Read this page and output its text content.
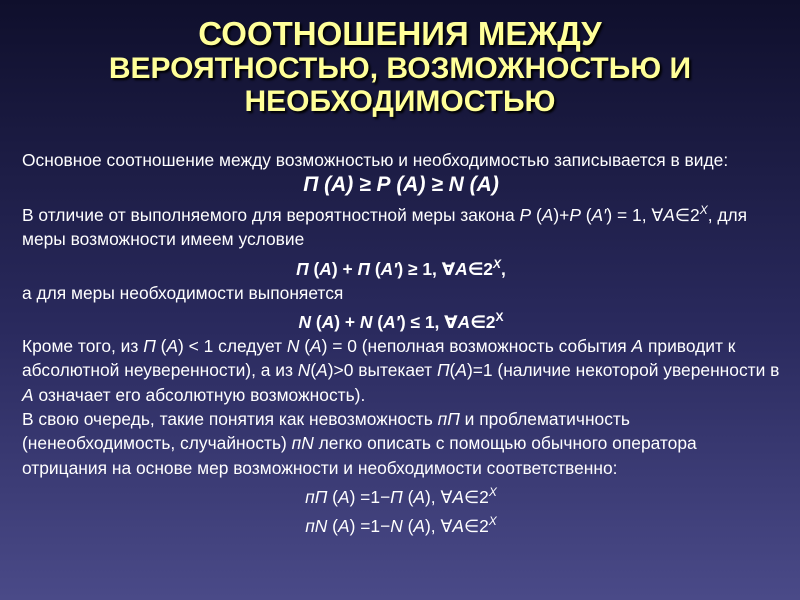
СООТНОШЕНИЯ МЕЖДУ
ВЕРОЯТНОСТЬЮ, ВОЗМОЖНОСТЬЮ И
НЕОБХОДИМОСТЬЮ

Основное соотношение между возможностью и необходимостью записывается в виде:

П (А) ≥ Р (А) ≥ N (А)

В отличие от выполняемого для вероятностной меры закона Р (А)+Р (А′) = 1, $\forall А\in 2^X$, для меры возможности имеем условие

П (А) + П (А′) ≥ 1, $\forall А\in 2^X$,

а для меры необходимости выпоняется

N (А) + N (А′) ≤ 1, $\forall А\in 2^X$

Кроме того, из П (А) < 1 следует N (А) = 0 (неполная возможность события А приводит к абсолютной неуверенности), а из N(А)>0 вытекает П(А)=1 (наличие некоторой уверенности в А означает его абсолютную возможность).

В свою очередь, такие понятия как невозможность пП и проблематичность (ненеобходимость, случайность) пN легко описать с помощью обычного оператора отрицания на основе мер возможности и необходимости соответственно:

пП (А) =1−П (А), $\forall А\in 2^X$

пN (А) =1−N (А), $\forall А\in 2^X$
